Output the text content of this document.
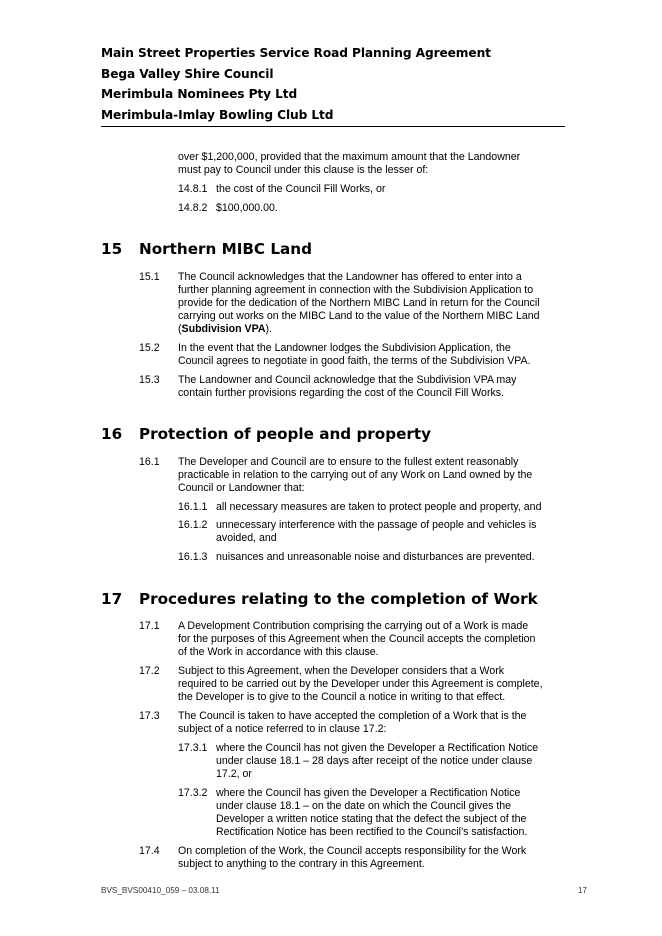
Main Street Properties Service Road Planning Agreement
Bega Valley Shire Council
Merimbula Nominees Pty Ltd
Merimbula-Imlay Bowling Club Ltd
over $1,200,000, provided that the maximum amount that the Landowner
must pay to Council under this clause is the lesser of:
14.8.1 the cost of the Council Fill Works, or
14.8.2 $100,000.00.
15 Northern MIBC Land
15.1 The Council acknowledges that the Landowner has offered to enter into a
further planning agreement in connection with the Subdivision Application to
provide for the dedication of the Northern MIBC Land in return for the Council
carrying out works on the MIBC Land to the value of the Northern MIBC Land
(Subdivision VPA).
15.2 In the event that the Landowner lodges the Subdivision Application, the
Council agrees to negotiate in good faith, the terms of the Subdivision VPA.
15.3 The Landowner and Council acknowledge that the Subdivision VPA may
contain further provisions regarding the cost of the Council Fill Works.
16 Protection of people and property
16.1 The Developer and Council are to ensure to the fullest extent reasonably
practicable in relation to the carrying out of any Work on Land owned by the
Council or Landowner that:
16.1.1 all necessary measures are taken to protect people and property, and
16.1.2 unnecessary interference with the passage of people and vehicles is
avoided, and
16.1.3 nuisances and unreasonable noise and disturbances are prevented.
17 Procedures relating to the completion of Work
17.1 A Development Contribution comprising the carrying out of a Work is made
for the purposes of this Agreement when the Council accepts the completion
of the Work in accordance with this clause.
17.2 Subject to this Agreement, when the Developer considers that a Work
required to be carried out by the Developer under this Agreement is complete,
the Developer is to give to the Council a notice in writing to that effect.
17.3 The Council is taken to have accepted the completion of a Work that is the
subject of a notice referred to in clause 17.2:
17.3.1 where the Council has not given the Developer a Rectification Notice
under clause 18.1 – 28 days after receipt of the notice under clause
17.2, or
17.3.2 where the Council has given the Developer a Rectification Notice
under clause 18.1 – on the date on which the Council gives the
Developer a written notice stating that the defect the subject of the
Rectification Notice has been rectified to the Council’s satisfaction.
17.4 On completion of the Work, the Council accepts responsibility for the Work
subject to anything to the contrary in this Agreement.
BVS_BVS00410_059 – 03.08.11	17
